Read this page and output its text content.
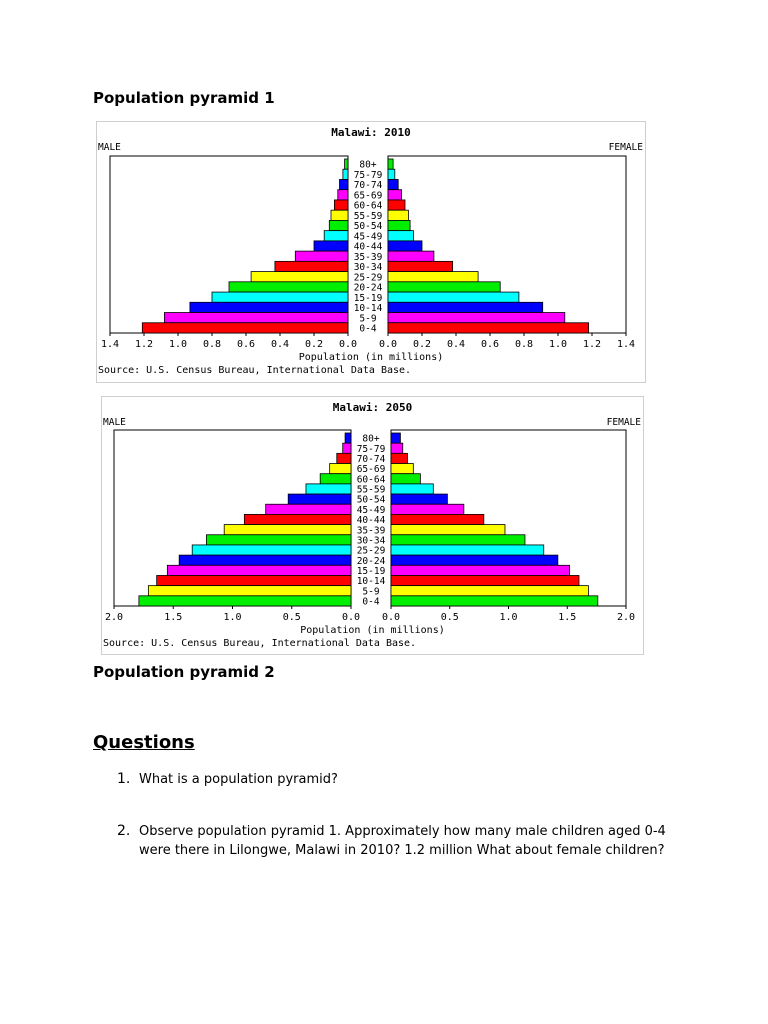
Population pyramid 1
Malawi: 2010
MALE	FEMALE
80+
75-79
70-74
65-69
60-64
55-59
50-54
45-49
40-44
35-39
30-34
25-29
20-24
15-19
10-14
5-9
0-4
1.4 1.2 1.0 0.8 0.6 0.4 0.2 0.0 0.0 0.2 0.4 0.6 0.8 1.0 1.2 1.4
Population (in millions)
Source: U.S. Census Bureau, International Data Base.
Malawi: 2050
MALE	FEMALE
80+
75-79
70-74
65-69
60-64
55-59
50-54
45-49
40-44
35-39
30-34
25-29
20-24
15-19
10-14
5-9
0-4
2.0	1.5	1.0	0.5	0.0 0.0	0.5	1.0	1.5	2.0
Population (in millions)
Source: U.S. Census Bureau, International Data Base.
Population pyramid 2
Questions
1. What is a population pyramid?
2. Observe population pyramid 1. Approximately how many male children aged 0-4 were there in Lilongwe, Malawi in 2010? 1.2 million What about female children?
